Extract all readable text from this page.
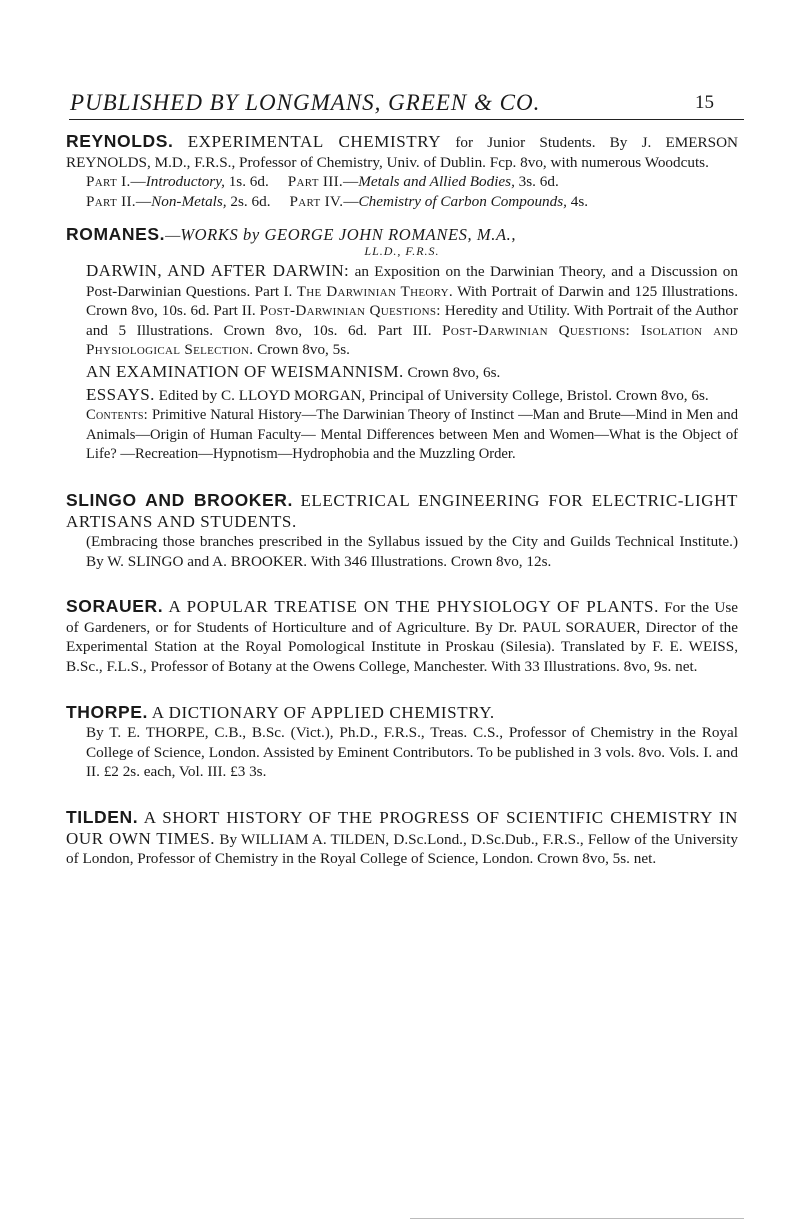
PUBLISHED BY LONGMANS, GREEN & CO.	15

REYNOLDS. EXPERIMENTAL CHEMISTRY for Junior Students. By J. EMERSON REYNOLDS, M.D., F.R.S., Professor of Chemistry, Univ. of Dublin. Fcp. 8vo, with numerous Woodcuts.

Part I.—Introductory, 1s. 6d. Part III.—Metals and Allied Bodies, 3s. 6d.

Part II.—Non-Metals, 2s. 6d. Part IV.—Chemistry of Carbon Compounds, 4s.

ROMANES.—WORKS by GEORGE JOHN ROMANES, M.A.,

LL.D., F.R.S.

DARWIN, AND AFTER DARWIN: an Exposition on the Darwinian Theory, and a Discussion on Post-Darwinian Questions. Part I. The Darwinian Theory. With Portrait of Darwin and 125 Illustrations. Crown 8vo, 10s. 6d. Part II. Post-Darwinian Questions: Heredity and Utility. With Portrait of the Author and 5 Illustrations. Crown 8vo, 10s. 6d. Part III. Post-Darwinian Questions: Isolation and Physiological Selection. Crown 8vo, 5s.

AN EXAMINATION OF WEISMANNISM. Crown 8vo, 6s.

ESSAYS. Edited by C. LLOYD MORGAN, Principal of University College, Bristol. Crown 8vo, 6s.

Contents: Primitive Natural History—The Darwinian Theory of Instinct —Man and Brute—Mind in Men and Animals—Origin of Human Faculty— Mental Differences between Men and Women—What is the Object of Life? —Recreation—Hypnotism—Hydrophobia and the Muzzling Order.

SLINGO AND BROOKER. ELECTRICAL ENGINEERING FOR ELECTRIC-LIGHT ARTISANS AND STUDENTS.

(Embracing those branches prescribed in the Syllabus issued by the City and Guilds Technical Institute.) By W. SLINGO and A. BROOKER. With 346 Illustrations. Crown 8vo, 12s.

SORAUER. A POPULAR TREATISE ON THE PHYSIOLOGY OF PLANTS. For the Use of Gardeners, or for Students of Horticulture and of Agriculture. By Dr. PAUL SORAUER, Director of the Experimental Station at the Royal Pomological Institute in Proskau (Silesia). Translated by F. E. WEISS, B.Sc., F.L.S., Professor of Botany at the Owens College, Manchester. With 33 Illustrations. 8vo, 9s. net.

THORPE. A DICTIONARY OF APPLIED CHEMISTRY.

By T. E. THORPE, C.B., B.Sc. (Vict.), Ph.D., F.R.S., Treas. C.S., Professor of Chemistry in the Royal College of Science, London. Assisted by Eminent Contributors. To be published in 3 vols. 8vo. Vols. I. and II. £2 2s. each, Vol. III. £3 3s.

TILDEN. A SHORT HISTORY OF THE PROGRESS OF SCIENTIFIC CHEMISTRY IN OUR OWN TIMES. By WILLIAM A. TILDEN, D.Sc.Lond., D.Sc.Dub., F.R.S., Fellow of the University of London, Professor of Chemistry in the Royal College of Science, London. Crown 8vo, 5s. net.
